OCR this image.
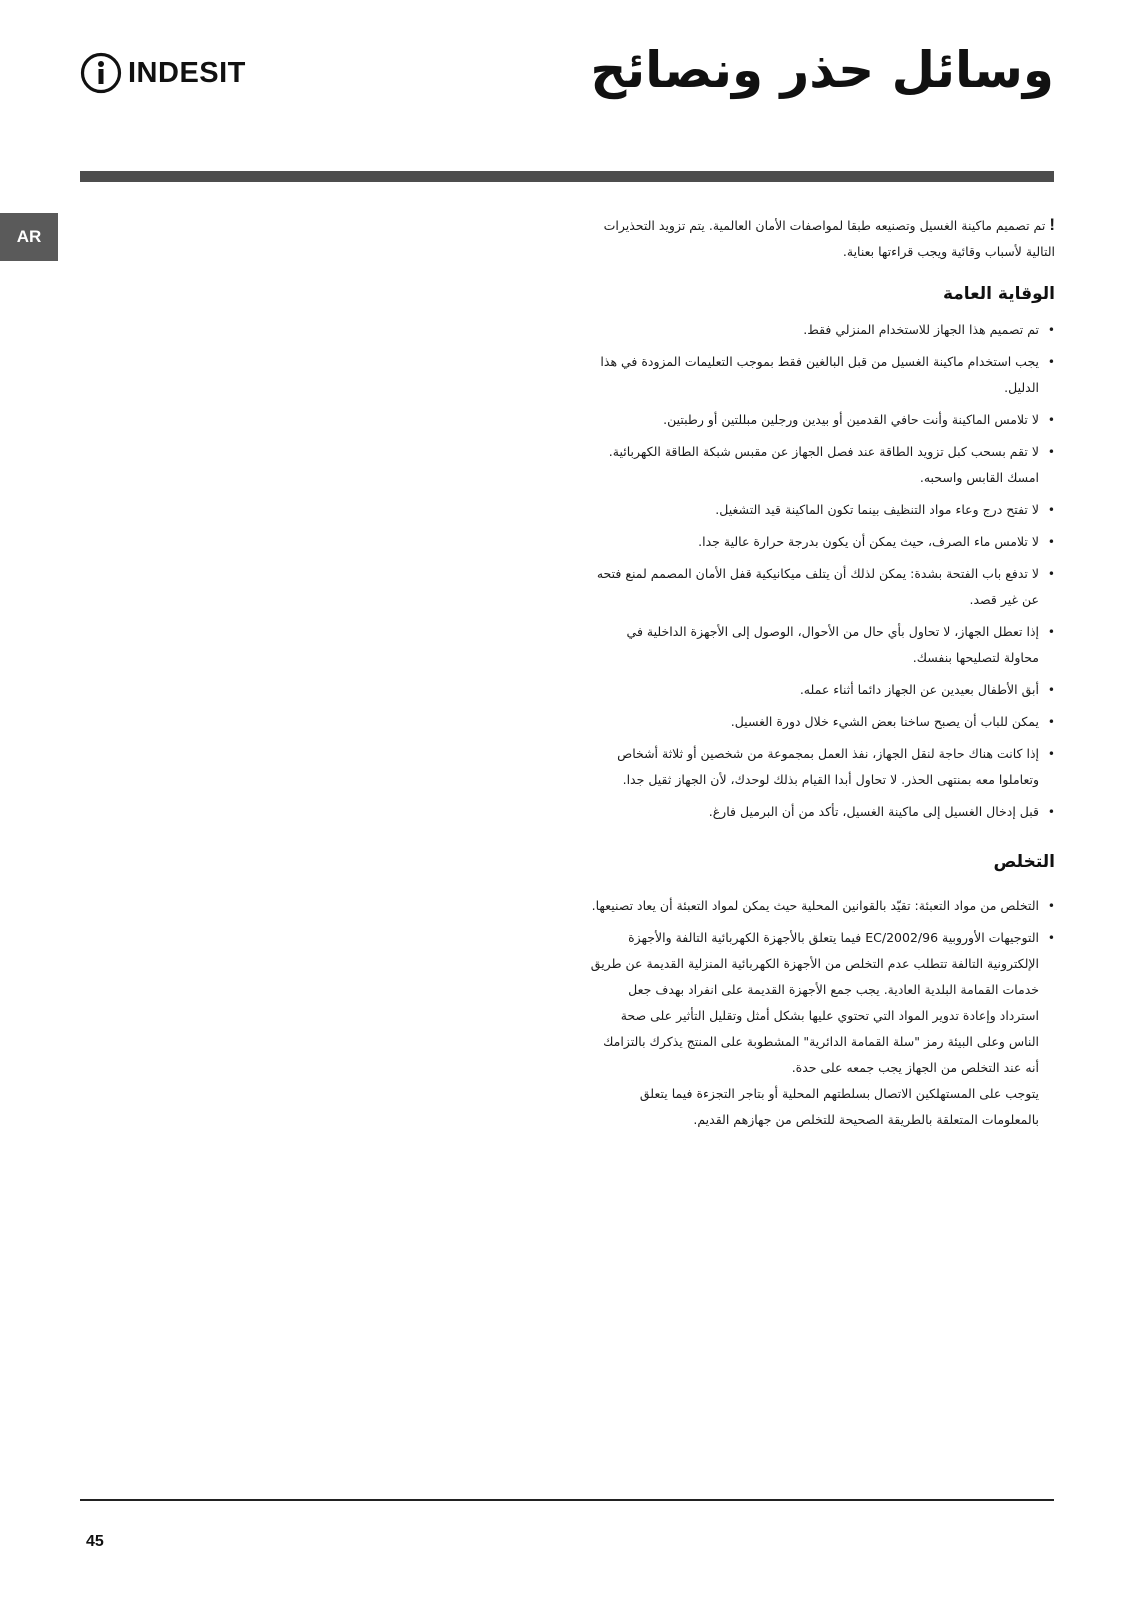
INDESIT	وسائل حذر ونصائح
AR

!تم تصميم ماكينة الغسيل وتصنيعه طبقا لمواصفات الأمان العالمية. يتم تزويد التحذيرات التالية لأسباب وقائية ويجب قراءتها بعناية.

الوقاية العامة
• تم تصميم هذا الجهاز للاستخدام المنزلي فقط.
• يجب استخدام ماكينة الغسيل من قبل البالغين فقط بموجب التعليمات المزودة في هذا الدليل.
• لا تلامس الماكينة وأنت حافي القدمين أو بيدين ورجلين مبللتين أو رطبتين.
• لا تقم بسحب كبل تزويد الطاقة عند فصل الجهاز عن مقبس شبكة الطاقة الكهربائية. امسك القابس واسحبه.
• لا تفتح درج وعاء مواد التنظيف بينما تكون الماكينة قيد التشغيل.
• لا تلامس ماء الصرف، حيث يمكن أن يكون بدرجة حرارة عالية جدا.
• لا تدفع باب الفتحة بشدة: يمكن لذلك أن يتلف ميكانيكية قفل الأمان المصمم لمنع فتحه عن غير قصد.
• إذا تعطل الجهاز، لا تحاول بأي حال من الأحوال، الوصول إلى الأجهزة الداخلية في محاولة لتصليحها بنفسك.
• أبق الأطفال بعيدين عن الجهاز دائما أثناء عمله.
• يمكن للباب أن يصبح ساخنا بعض الشيء خلال دورة الغسيل.
• إذا كانت هناك حاجة لنقل الجهاز، نفذ العمل بمجموعة من شخصين أو ثلاثة أشخاص وتعاملوا معه بمنتهى الحذر. لا تحاول أبدا القيام بذلك لوحدك، لأن الجهاز ثقيل جدا.
• قبل إدخال الغسيل إلى ماكينة الغسيل، تأكد من أن البرميل فارغ.
التخلص
• التخلص من مواد التعبئة: تقيّد بالقوانين المحلية حيث يمكن لمواد التعبئة أن يعاد تصنيعها.
• التوجيهات الأوروبية 2002/96/EC فيما يتعلق بالأجهزة الكهربائية التالفة والأجهزة الإلكترونية التالفة تتطلب عدم التخلص من الأجهزة الكهربائية المنزلية القديمة عن طريق خدمات القمامة البلدية العادية. يجب جمع الأجهزة القديمة على انفراد بهدف جعل استرداد وإعادة تدوير المواد التي تحتوي عليها بشكل أمثل وتقليل التأثير على صحة الناس وعلى البيئة رمز "سلة القمامة الدائرية" المشطوبة على المنتج يذكرك بالتزامك أنه عند التخلص من الجهاز يجب جمعه على حدة.
يتوجب على المستهلكين الاتصال بسلطتهم المحلية أو بتاجر التجزءة فيما يتعلق بالمعلومات المتعلقة بالطريقة الصحيحة للتخلص من جهازهم القديم.
45
